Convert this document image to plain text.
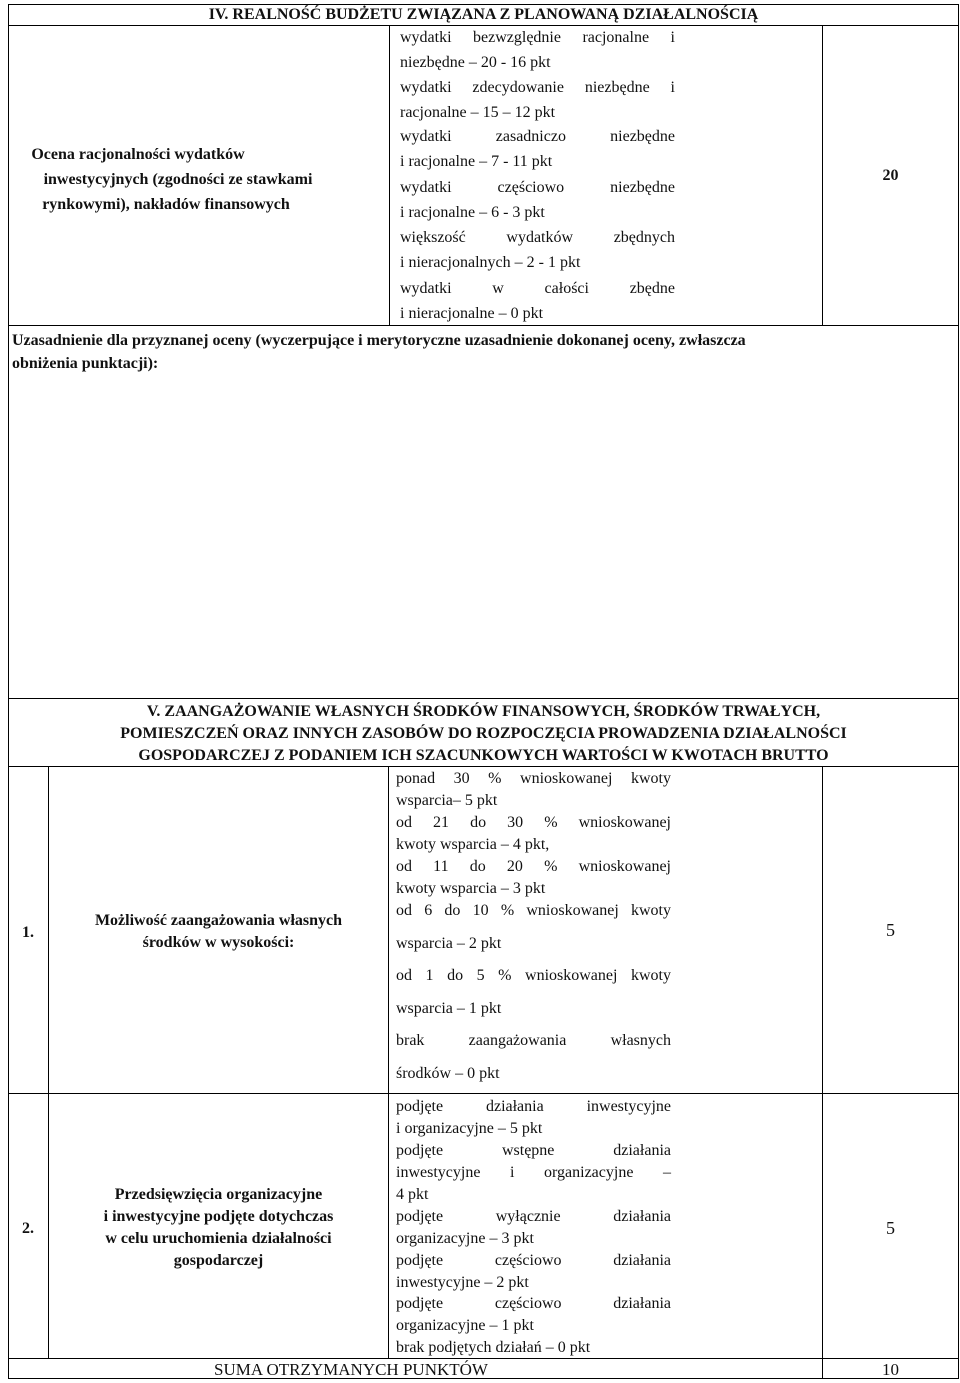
IV. REALNOŚĆ BUDŻETU ZWIĄZANA Z PLANOWANĄ DZIAŁALNOŚCIĄ
Ocena racjonalności wydatków
inwestycyjnych (zgodności ze stawkami
rynkowymi), nakładów finansowych
wydatki bezwzględnie racjonalne i
niezbędne – 20 - 16 pkt
wydatki zdecydowanie niezbędne i
racjonalne – 15 – 12 pkt
wydatki zasadniczo niezbędne
i racjonalne – 7 - 11 pkt
wydatki częściowo niezbędne
i racjonalne – 6 - 3 pkt
większość wydatków zbędnych
i nieracjonalnych – 2 - 1 pkt
wydatki w całości zbędne
i nieracjonalne – 0 pkt
20
Uzasadnienie dla przyznanej oceny (wyczerpujące i merytoryczne uzasadnienie dokonanej oceny, zwłaszcza
obniżenia punktacji):
V. ZAANGAŻOWANIE WŁASNYCH ŚRODKÓW FINANSOWYCH, ŚRODKÓW TRWAŁYCH,
POMIESZCZEŃ ORAZ INNYCH ZASOBÓW DO ROZPOCZĘCIA PROWADZENIA DZIAŁALNOŚCI
GOSPODARCZEJ Z PODANIEM ICH SZACUNKOWYCH WARTOŚCI W KWOTACH BRUTTO
1.
Możliwość zaangażowania własnych
środków w wysokości:
ponad 30 % wnioskowanej kwoty
wsparcia– 5 pkt
od 21 do 30 % wnioskowanej
kwoty wsparcia – 4 pkt,
od 11 do 20 % wnioskowanej
kwoty wsparcia – 3 pkt
od 6 do 10 % wnioskowanej kwoty
wsparcia – 2 pkt
od 1 do 5 % wnioskowanej kwoty
wsparcia – 1 pkt
brak zaangażowania własnych
środków – 0 pkt
5
2.
Przedsięwzięcia organizacyjne
i inwestycyjne podjęte dotychczas
w celu uruchomienia działalności
gospodarczej
podjęte działania inwestycyjne
i organizacyjne – 5 pkt
podjęte wstępne działania
inwestycyjne i organizacyjne –
4 pkt
podjęte wyłącznie działania
organizacyjne – 3 pkt
podjęte częściowo działania
inwestycyjne – 2 pkt
podjęte częściowo działania
organizacyjne – 1 pkt
brak podjętych działań – 0 pkt
5
SUMA OTRZYMANYCH PUNKTÓW	10
